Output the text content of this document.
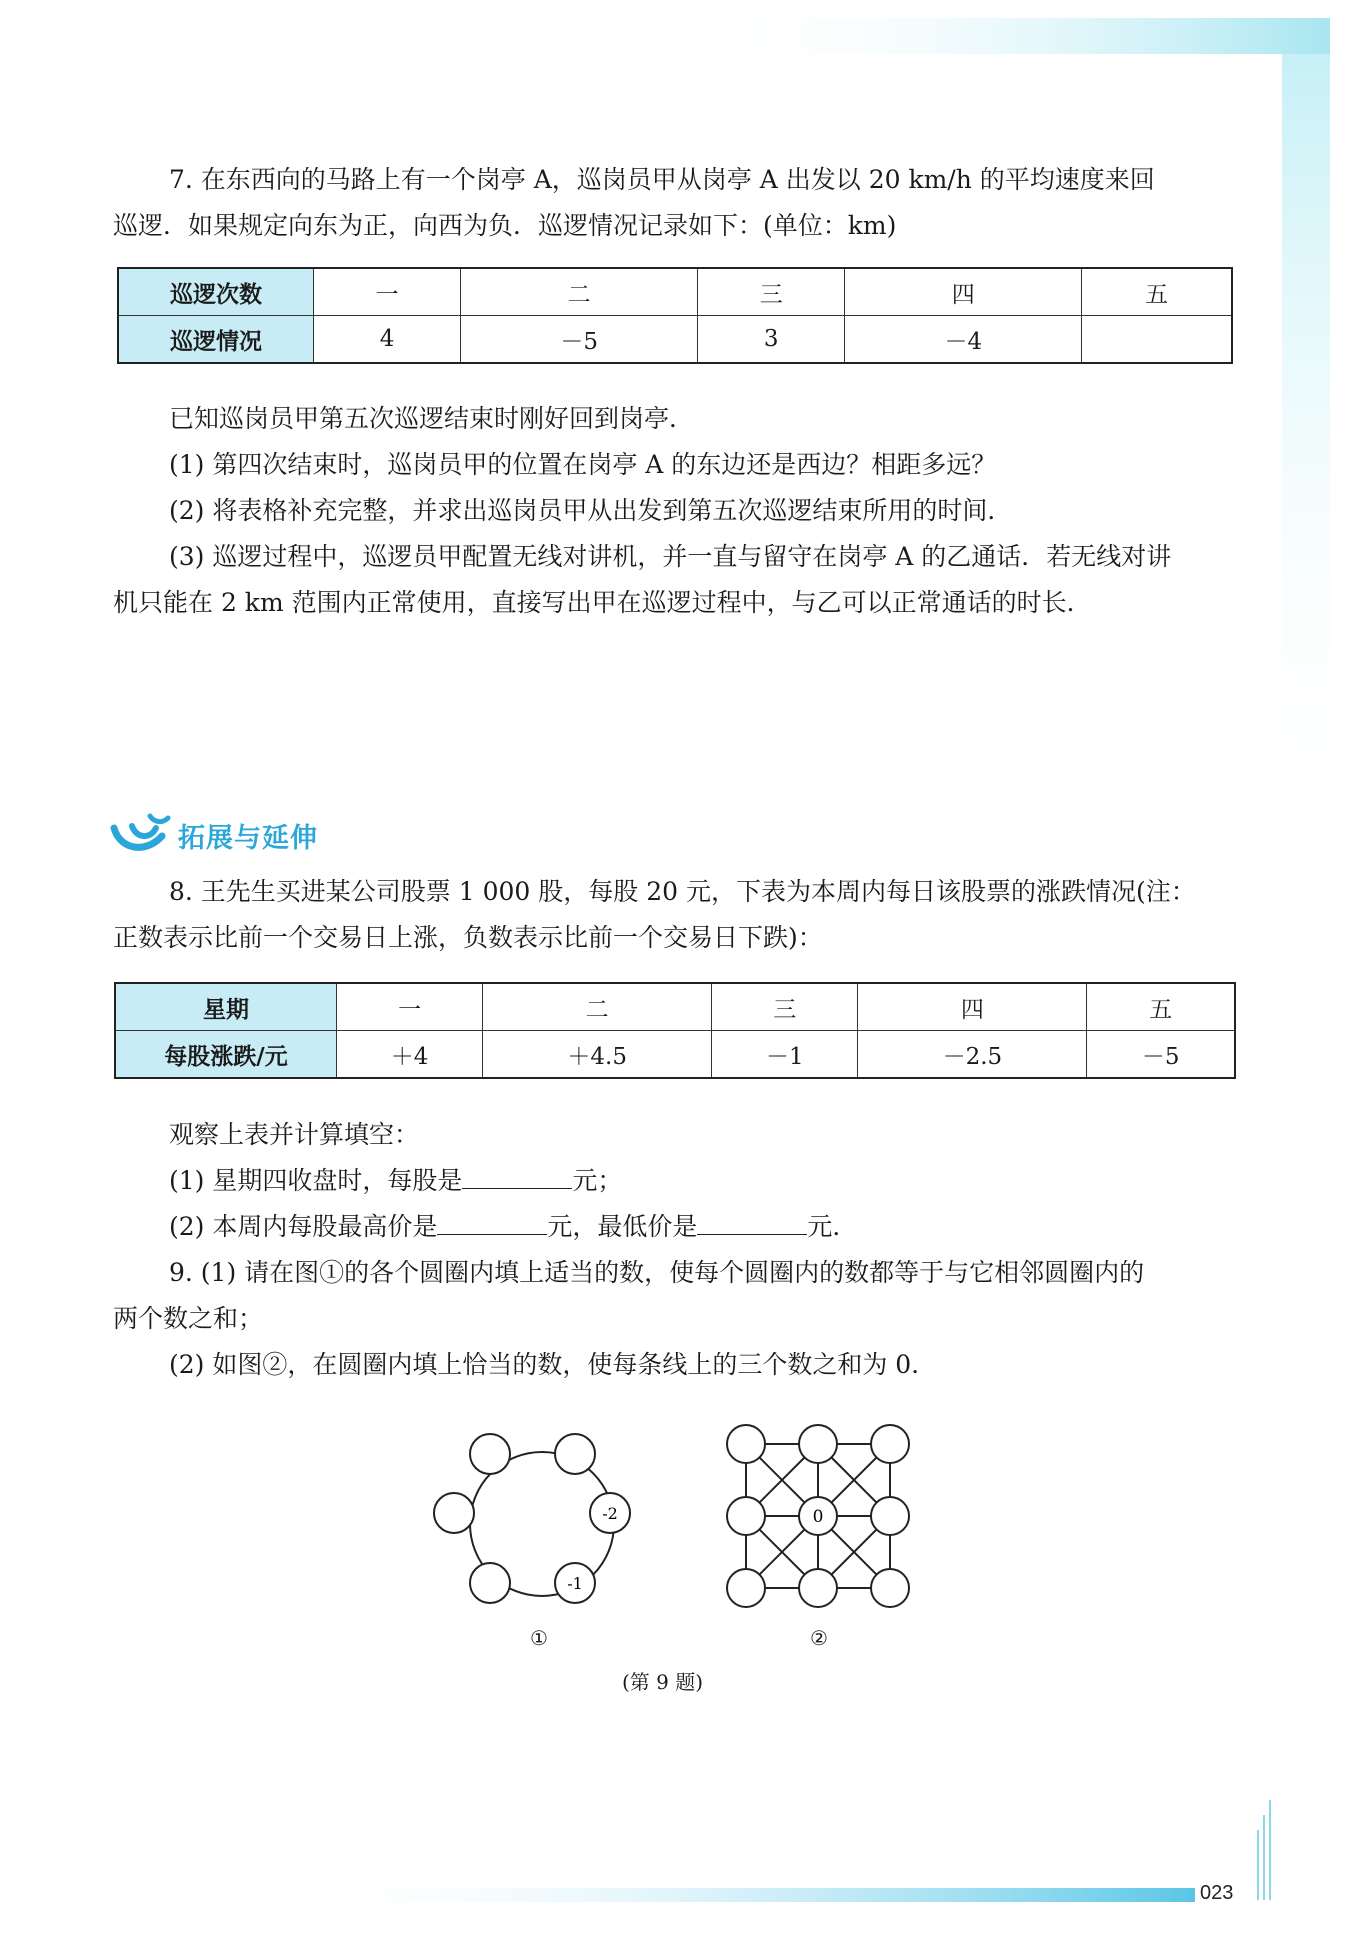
7. 在东西向的马路上有一个岗亭 A，巡岗员甲从岗亭 A 出发以 20 km/h 的平均速度来回

巡逻．如果规定向东为正，向西为负．巡逻情况记录如下：(单位：km)

巡逻次数	一	二	三	四	五
巡逻情况	4	－5	3	－4	

已知巡岗员甲第五次巡逻结束时刚好回到岗亭．

(1) 第四次结束时，巡岗员甲的位置在岗亭 A 的东边还是西边？相距多远？

(2) 将表格补充完整，并求出巡岗员甲从出发到第五次巡逻结束所用的时间．

(3) 巡逻过程中，巡逻员甲配置无线对讲机，并一直与留守在岗亭 A 的乙通话．若无线对讲

机只能在 2 km 范围内正常使用，直接写出甲在巡逻过程中，与乙可以正常通话的时长．

拓展与延伸

8. 王先生买进某公司股票 1 000 股，每股 20 元，下表为本周内每日该股票的涨跌情况(注：

正数表示比前一个交易日上涨，负数表示比前一个交易日下跌)：

星期	一	二	三	四	五
每股涨跌/元	＋4	＋4.5	－1	－2.5	－5

观察上表并计算填空：

(1) 星期四收盘时，每股是	元；

(2) 本周内每股最高价是	元，最低价是	元．

9. (1) 请在图①的各个圆圈内填上适当的数，使每个圆圈内的数都等于与它相邻圆圈内的

两个数之和；

(2) 如图②，在圆圈内填上恰当的数，使每条线上的三个数之和为 0．

-2
-1
0
①	②
(第 9 题)
023
